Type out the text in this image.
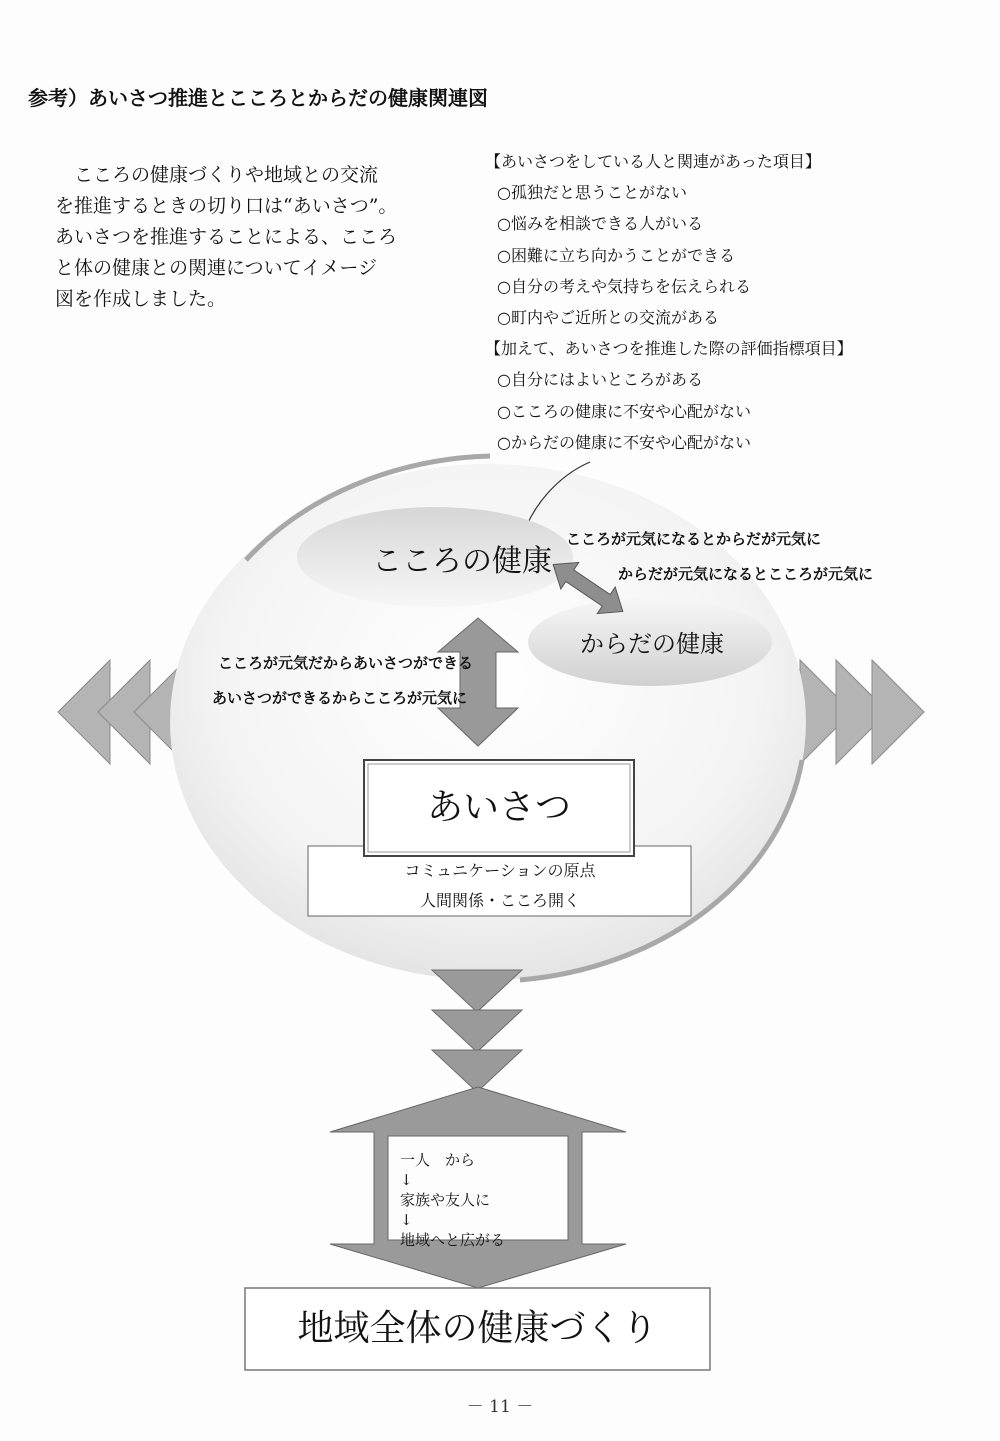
参考）あいさつ推進とこころとからだの健康関連図

こころの健康づくりや地域との交流

を推進するときの切り口は“あいさつ”。

あいさつを推進することによる、こころ

と体の健康との関連についてイメージ

図を作成しました。

【あいさつをしている人と関連があった項目】
○孤独だと思うことがない
○悩みを相談できる人がいる
○困難に立ち向かうことができる
○自分の考えや気持ちを伝えられる
○町内やご近所との交流がある
【加えて、あいさつを推進した際の評価指標項目】
○自分にはよいところがある
○こころの健康に不安や心配がない
○からだの健康に不安や心配がない
こころの健康
からだの健康
こころが元気になるとからだが元気に
からだが元気になるとこころが元気に
こころが元気だからあいさつができる
あいさつができるからこころが元気に
あいさつ
コミュニケーションの原点
人間関係・こころ開く
一人　から
↓
家族や友人に
↓
地域へと広がる
地域全体の健康づくり
－ 11 －
